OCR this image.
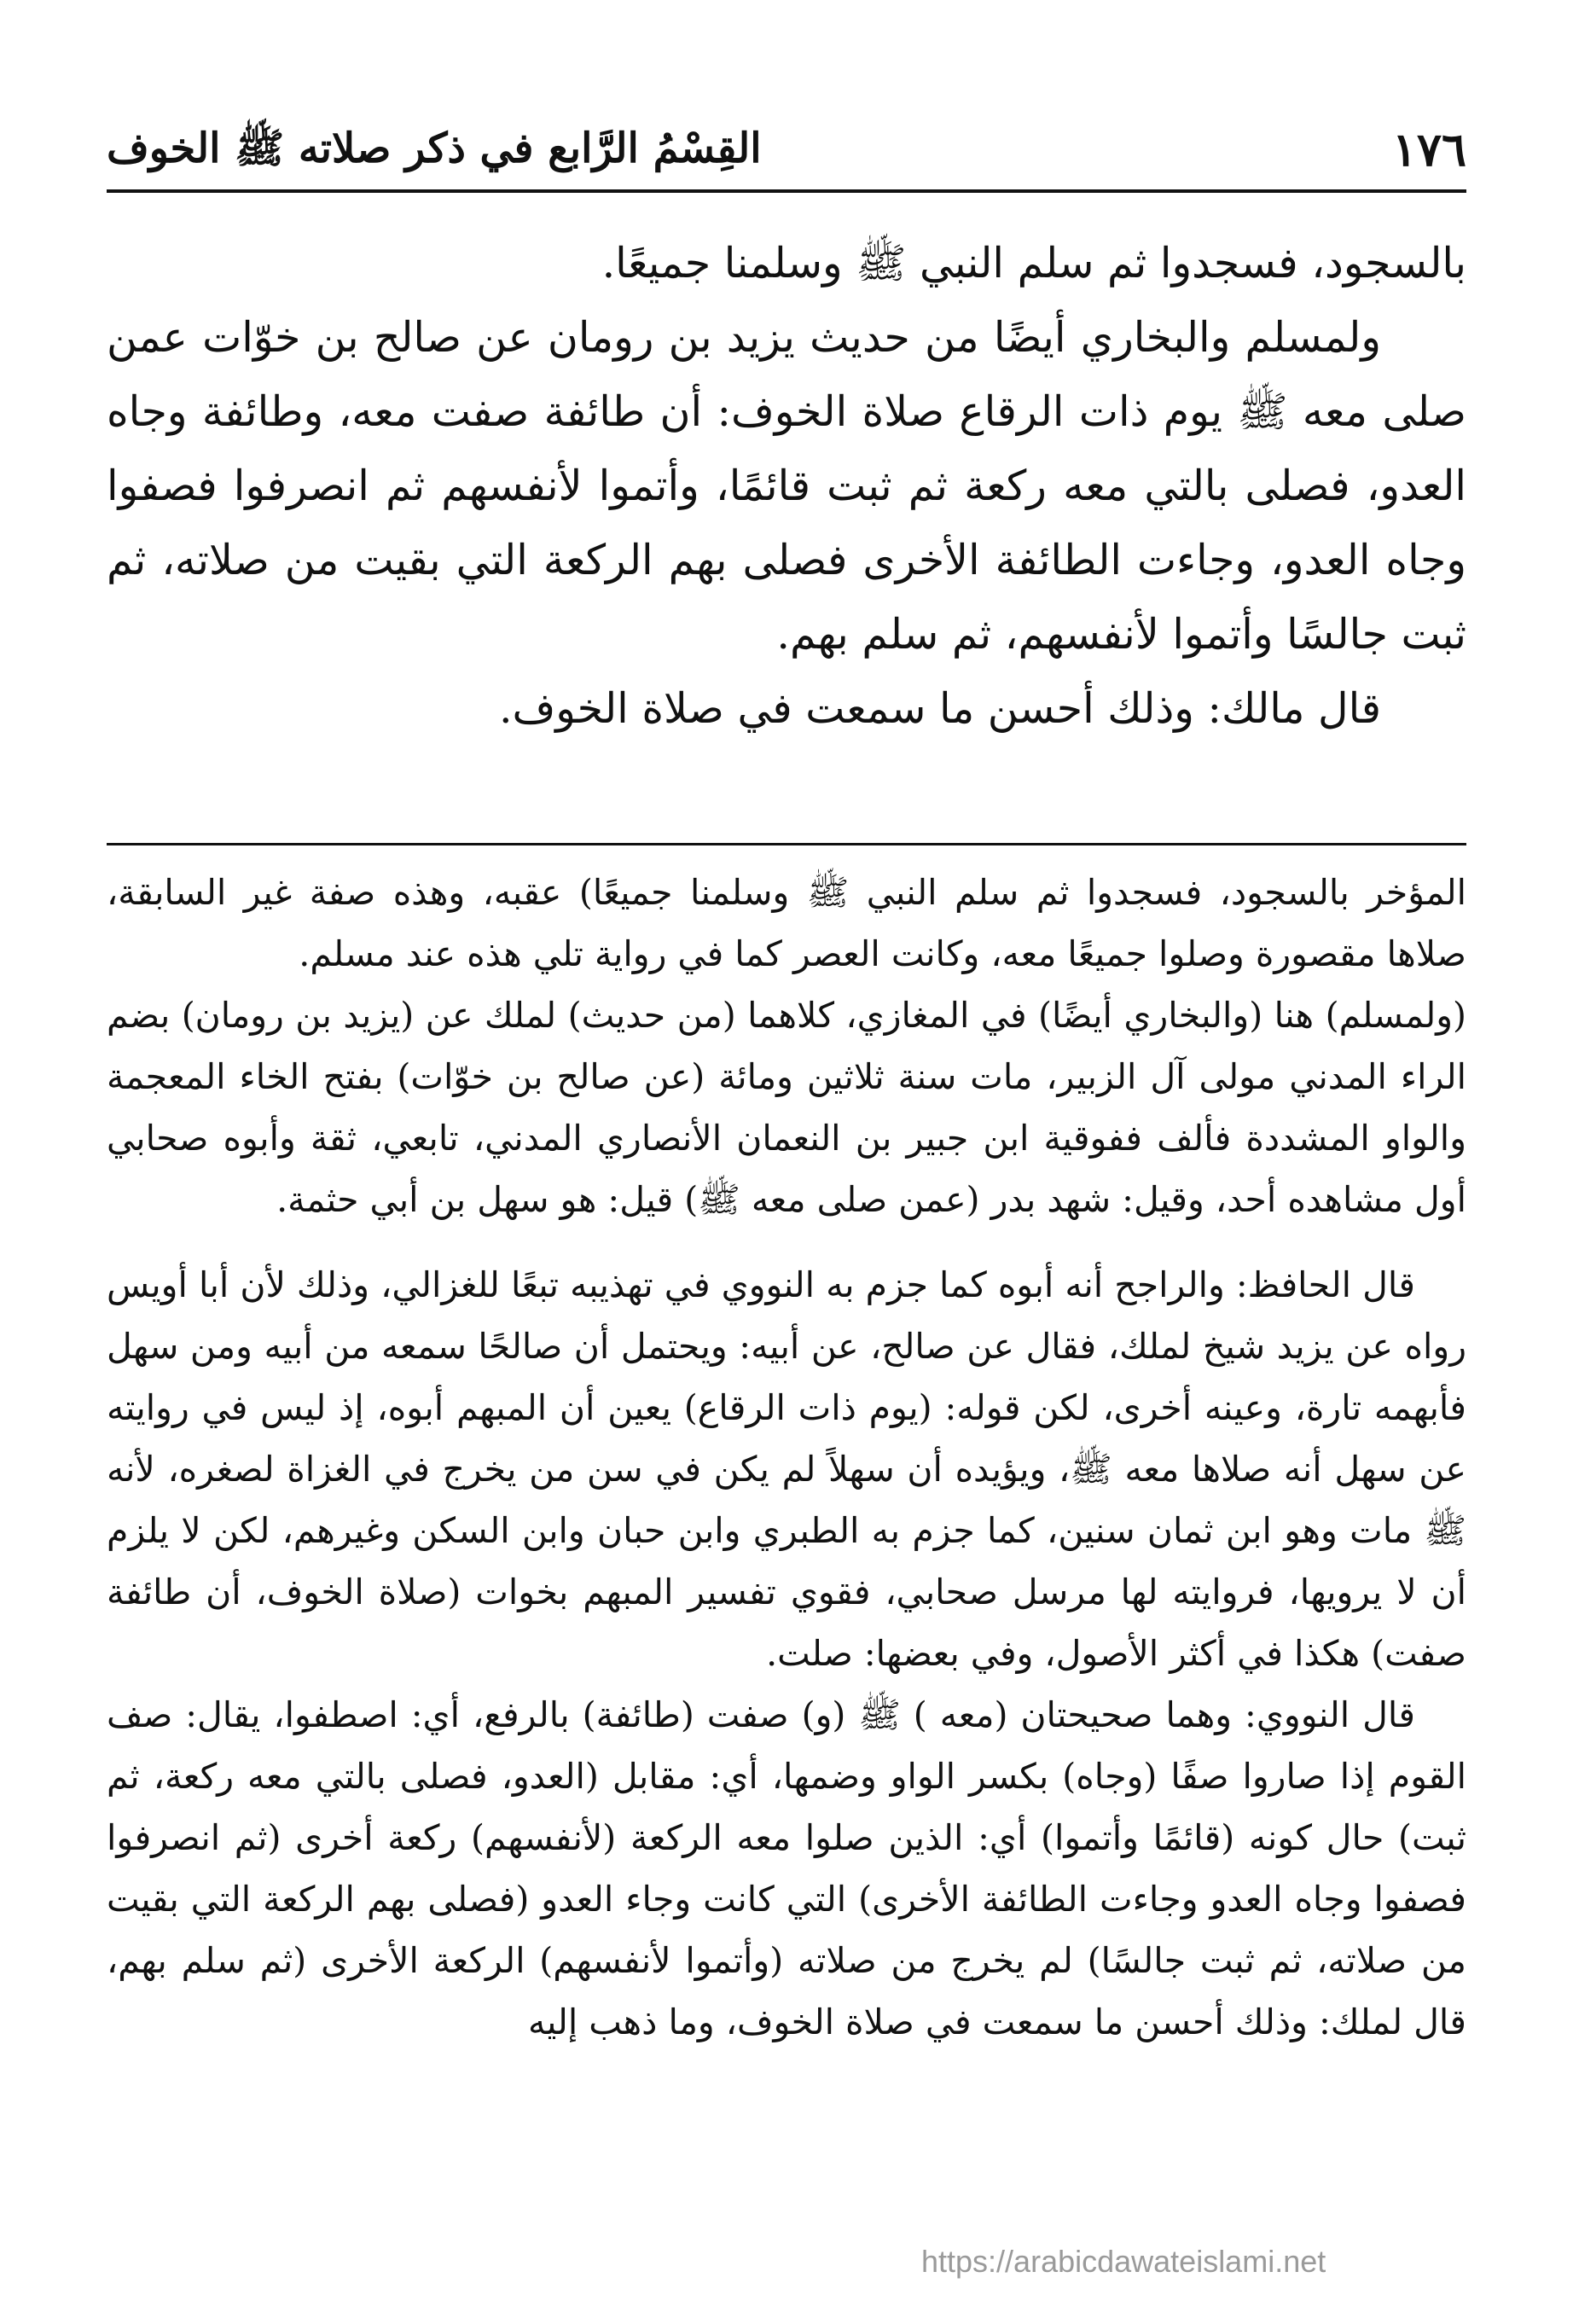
١٧٦
القِسْمُ الرَّابع في ذكر صلاته ﷺ الخوف

بالسجود، فسجدوا ثم سلم النبي ﷺ وسلمنا جميعًا.

ولمسلم والبخاري أيضًا من حديث يزيد بن رومان عن صالح بن خوّات عمن صلى معه ﷺ يوم ذات الرقاع صلاة الخوف: أن طائفة صفت معه، وطائفة وجاه العدو، فصلى بالتي معه ركعة ثم ثبت قائمًا، وأتموا لأنفسهم ثم انصرفوا فصفوا وجاه العدو، وجاءت الطائفة الأخرى فصلى بهم الركعة التي بقيت من صلاته، ثم ثبت جالسًا وأتموا لأنفسهم، ثم سلم بهم.

قال مالك: وذلك أحسن ما سمعت في صلاة الخوف.

المؤخر بالسجود، فسجدوا ثم سلم النبي ﷺ وسلمنا جميعًا) عقبه، وهذه صفة غير السابقة، صلاها مقصورة وصلوا جميعًا معه، وكانت العصر كما في رواية تلي هذه عند مسلم.

(ولمسلم) هنا (والبخاري أيضًا) في المغازي، كلاهما (من حديث) لملك عن (يزيد بن رومان) بضم الراء المدني مولى آل الزبير، مات سنة ثلاثين ومائة (عن صالح بن خوّات) بفتح الخاء المعجمة والواو المشددة فألف ففوقية ابن جبير بن النعمان الأنصاري المدني، تابعي، ثقة وأبوه صحابي أول مشاهده أحد، وقيل: شهد بدر (عمن صلى معه ﷺ) قيل: هو سهل بن أبي حثمة.

قال الحافظ: والراجح أنه أبوه كما جزم به النووي في تهذيبه تبعًا للغزالي، وذلك لأن أبا أويس رواه عن يزيد شيخ لملك، فقال عن صالح، عن أبيه: ويحتمل أن صالحًا سمعه من أبيه ومن سهل فأبهمه تارة، وعينه أخرى، لكن قوله: (يوم ذات الرقاع) يعين أن المبهم أبوه، إذ ليس في روايته عن سهل أنه صلاها معه ﷺ، ويؤيده أن سهلاً لم يكن في سن من يخرج في الغزاة لصغره، لأنه ﷺ مات وهو ابن ثمان سنين، كما جزم به الطبري وابن حبان وابن السكن وغيرهم، لكن لا يلزم أن لا يرويها، فروايته لها مرسل صحابي، فقوي تفسير المبهم بخوات (صلاة الخوف، أن طائفة صفت) هكذا في أكثر الأصول، وفي بعضها: صلت.

قال النووي: وهما صحيحتان (معه ) ﷺ (و) صفت (طائفة) بالرفع، أي: اصطفوا، يقال: صف القوم إذا صاروا صفًا (وجاه) بكسر الواو وضمها، أي: مقابل (العدو، فصلى بالتي معه ركعة، ثم ثبت) حال كونه (قائمًا وأتموا) أي: الذين صلوا معه الركعة (لأنفسهم) ركعة أخرى (ثم انصرفوا فصفوا وجاه العدو وجاءت الطائفة الأخرى) التي كانت وجاء العدو (فصلى بهم الركعة التي بقيت من صلاته، ثم ثبت جالسًا) لم يخرج من صلاته (وأتموا لأنفسهم) الركعة الأخرى (ثم سلم بهم، قال لملك: وذلك أحسن ما سمعت في صلاة الخوف، وما ذهب إليه

https://arabicdawateislami.net
